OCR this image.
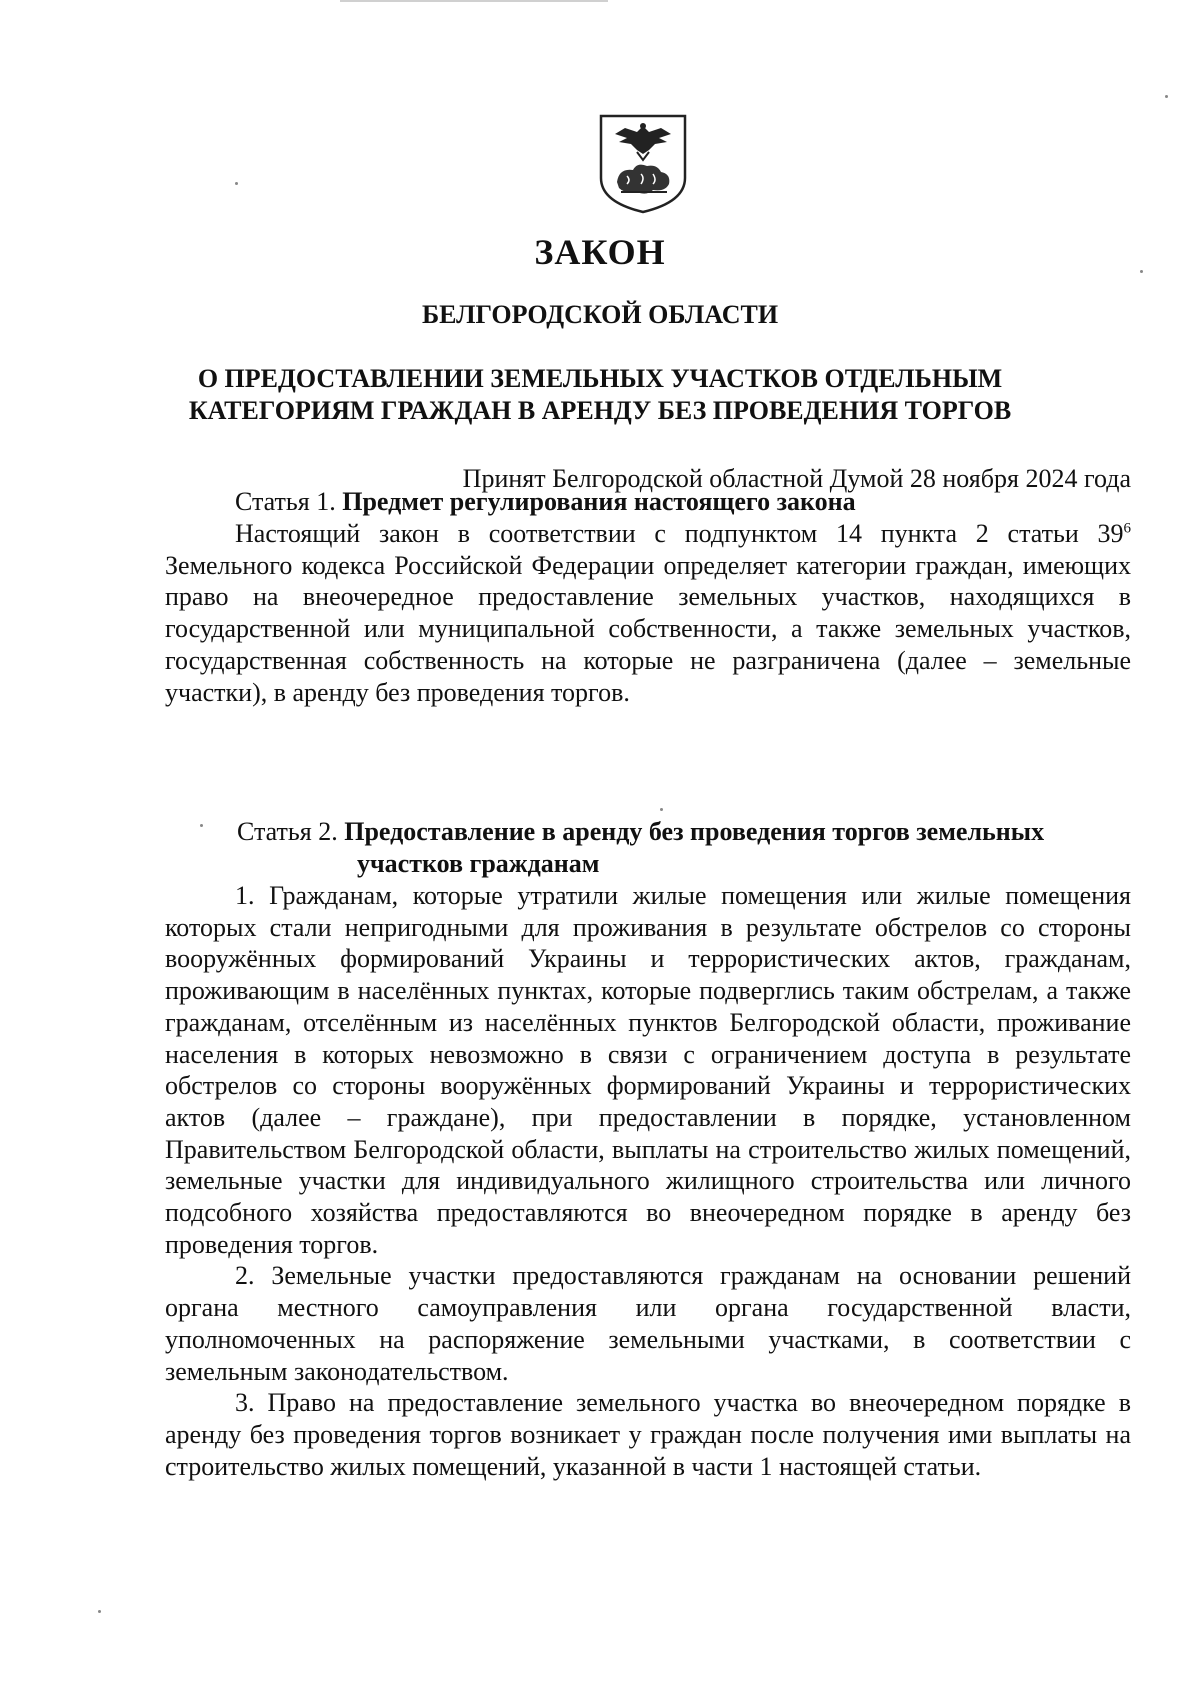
ЗАКОН
БЕЛГОРОДСКОЙ ОБЛАСТИ
О ПРЕДОСТАВЛЕНИИ ЗЕМЕЛЬНЫХ УЧАСТКОВ ОТДЕЛЬНЫМ
КАТЕГОРИЯМ ГРАЖДАН В АРЕНДУ БЕЗ ПРОВЕДЕНИЯ ТОРГОВ
Принят Белгородской областной Думой 28 ноября 2024 года
Статья 1. Предмет регулирования настоящего закона

Настоящий закон в соответствии с подпунктом 14 пункта 2 статьи $39^6$ Земельного кодекса Российской Федерации определяет категории граждан, имеющих право на внеочередное предоставление земельных участков, находящихся в государственной или муниципальной собственности, а также земельных участков, государственная собственность на которые не разграничена (далее – земельные участки), в аренду без проведения торгов.

Статья 2. Предоставление в аренду без проведения торгов земельных
участков гражданам

1. Гражданам, которые утратили жилые помещения или жилые помещения которых стали непригодными для проживания в результате обстрелов со стороны вооружённых формирований Украины и террористических актов, гражданам, проживающим в населённых пунктах, которые подверглись таким обстрелам, а также гражданам, отселённым из населённых пунктов Белгородской области, проживание населения в которых невозможно в связи с ограничением доступа в результате обстрелов со стороны вооружённых формирований Украины и террористических актов (далее – граждане), при предоставлении в порядке, установленном Правительством Белгородской области, выплаты на строительство жилых помещений, земельные участки для индивидуального жилищного строительства или личного подсобного хозяйства предоставляются во внеочередном порядке в аренду без проведения торгов.

2. Земельные участки предоставляются гражданам на основании решений органа местного самоуправления или органа государственной власти, уполномоченных на распоряжение земельными участками, в соответствии с земельным законодательством.

3. Право на предоставление земельного участка во внеочередном порядке в аренду без проведения торгов возникает у граждан после получения ими выплаты на строительство жилых помещений, указанной в части 1 настоящей статьи.
